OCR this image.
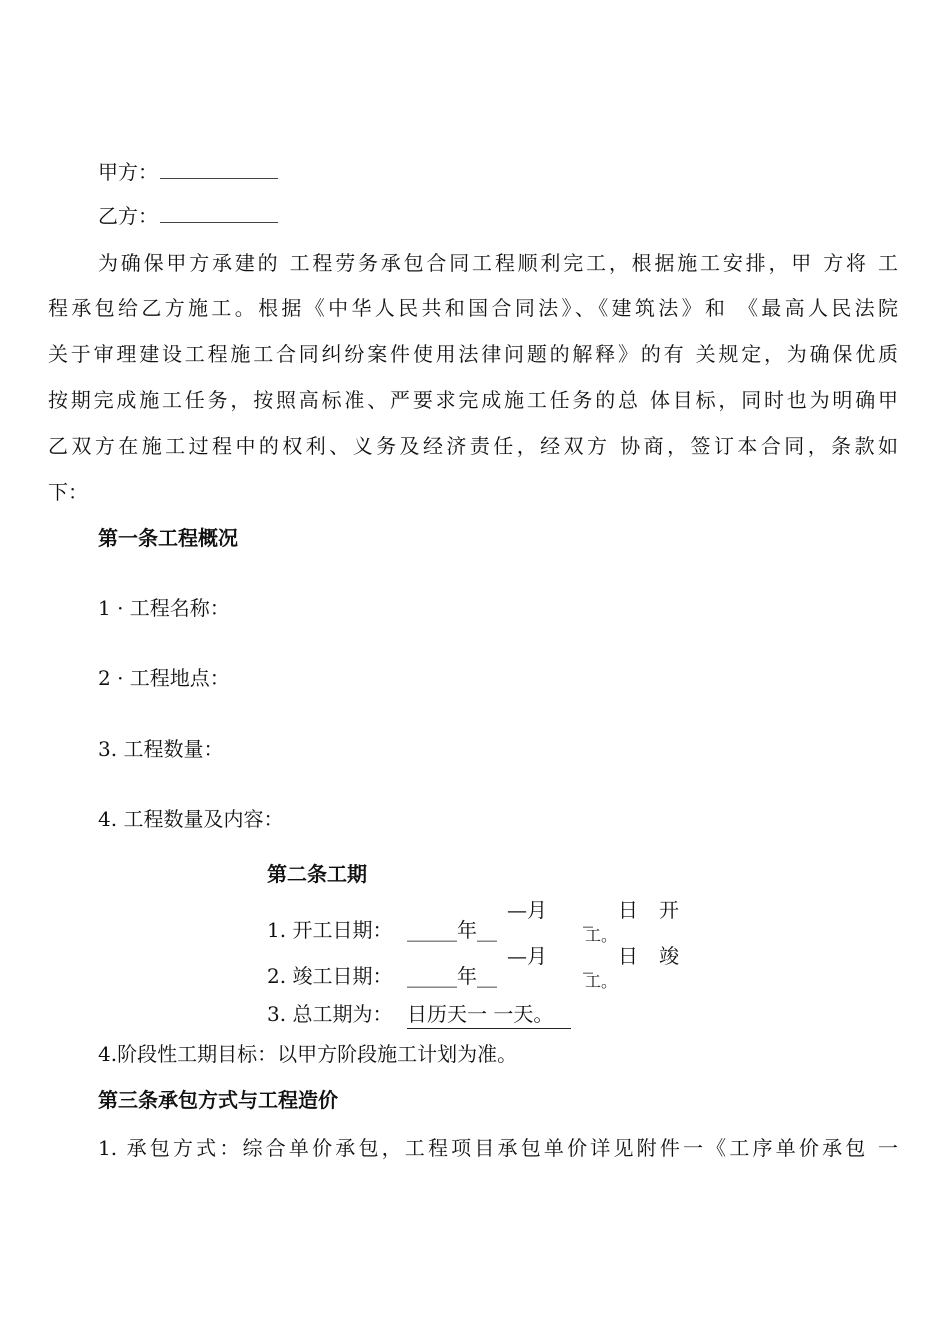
甲方：
乙方：
为确保甲方承建的 工程劳务承包合同工程顺利完工，根据施工安排，甲 方将 工
程承包给乙方施工。根据《中华人民共和国合同法》、《建筑法》和 《最高人民法院
关于审理建设工程施工合同纠纷案件使用法律问题的解释》的有 关规定，为确保优质
按期完成施工任务，按照高标准、严要求完成施工任务的总 体目标，同时也为明确甲
乙双方在施工过程中的权利、义务及经济责任，经双方 协商，签订本合同，条款如
下：
第一条工程概况
1 · 工程名称：
2 · 工程地点：
3. 工程数量：
4. 工程数量及内容：
第二条工期
1. 开工日期： _____年__
—月 _ 日 开
工。
2. 竣工日期： _____年__
—月 _ 日 竣
工。
3. 总工期为： 日历天一 一天。
4.阶段性工期目标：以甲方阶段施工计划为准。
第三条承包方式与工程造价
1. 承包方式：综合单价承包，工程项目承包单价详见附件一《工序单价承包 一
